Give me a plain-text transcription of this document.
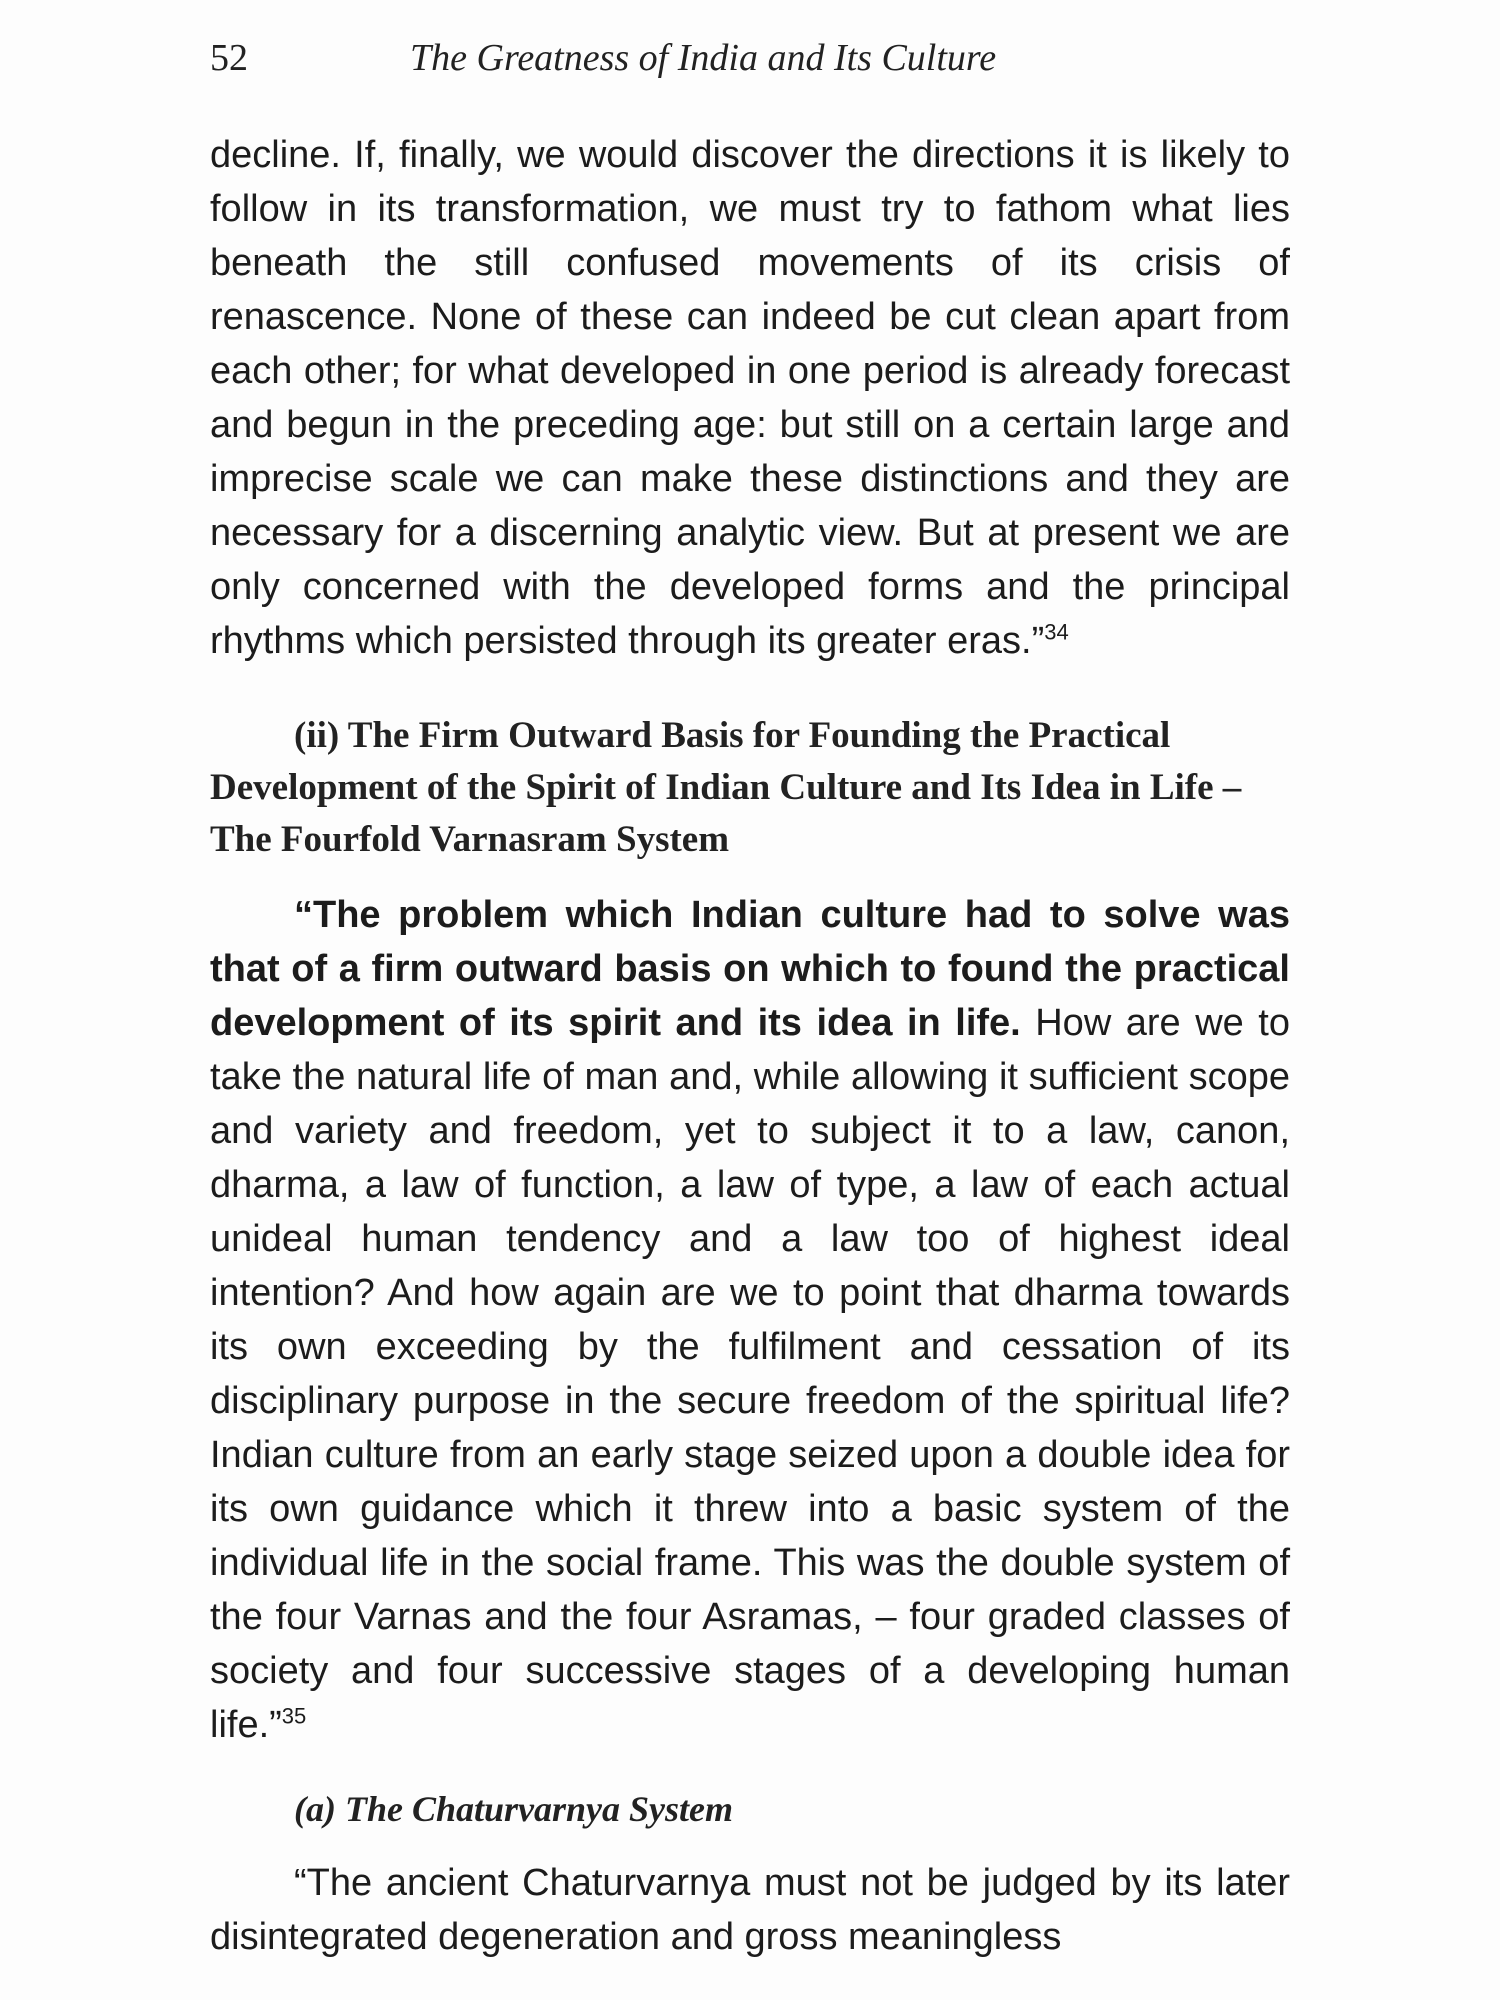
52	The Greatness of India and Its Culture

decline. If, finally, we would discover the directions it is likely to follow in its transformation, we must try to fathom what lies beneath the still confused movements of its crisis of renascence. None of these can indeed be cut clean apart from each other; for what developed in one period is already forecast and begun in the preceding age: but still on a certain large and imprecise scale we can make these distinctions and they are necessary for a discerning analytic view. But at present we are only concerned with the developed forms and the principal rhythms which persisted through its greater eras.”$^{34}$

(ii) The Firm Outward Basis for Founding the Practical Development of the Spirit of Indian Culture and Its Idea in Life – The Fourfold Varnasram System

“The problem which Indian culture had to solve was that of a firm outward basis on which to found the practical development of its spirit and its idea in life. How are we to take the natural life of man and, while allowing it sufficient scope and variety and freedom, yet to subject it to a law, canon, dharma, a law of function, a law of type, a law of each actual unideal human tendency and a law too of highest ideal intention? And how again are we to point that dharma towards its own exceeding by the fulfilment and cessation of its disciplinary purpose in the secure freedom of the spiritual life? Indian culture from an early stage seized upon a double idea for its own guidance which it threw into a basic system of the individual life in the social frame. This was the double system of the four Varnas and the four Asramas, – four graded classes of society and four successive stages of a developing human life.”$^{35}$

(a) The Chaturvarnya System

“The ancient Chaturvarnya must not be judged by its later disintegrated degeneration and gross meaningless
